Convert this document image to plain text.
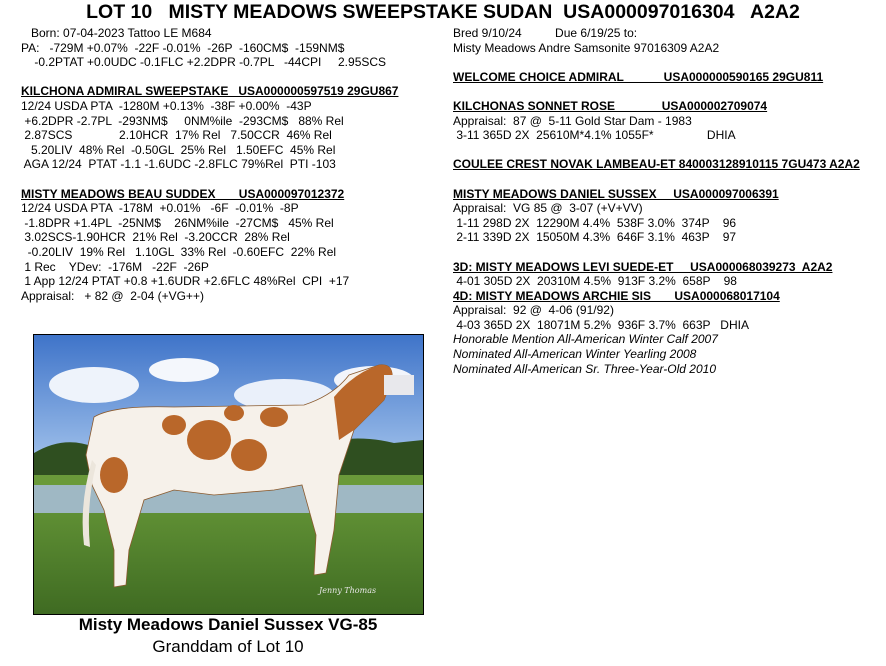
LOT 10   MISTY MEADOWS SWEEPSTAKE SUDAN  USA000097016304   A2A2
Born: 07-04-2023 Tattoo LE M684
PA:   -729M +0.07%  -22F -0.01%  -26P  -160CM$  -159NM$
-0.2PTAT +0.0UDC -0.1FLC +2.2DPR -0.7PL   -44CPI     2.95SCS
KILCHONA ADMIRAL SWEEPSTAKE   USA000000597519 29GU867
12/24 USDA PTA  -1280M +0.13%  -38F +0.00%  -43P
+6.2DPR -2.7PL  -293NM$     0NM%ile  -293CM$   88% Rel
2.87SCS              2.10HCR  17% Rel   7.50CCR  46% Rel
5.20LIV  48% Rel  -0.50GL  25% Rel   1.50EFC  45% Rel
AGA 12/24  PTAT -1.1 -1.6UDC -2.8FLC 79%Rel  PTI -103
MISTY MEADOWS BEAU SUDDEX       USA000097012372
12/24 USDA PTA  -178M  +0.01%   -6F  -0.01%  -8P
-1.8DPR +1.4PL  -25NM$    26NM%ile  -27CM$   45% Rel
3.02SCS-1.90HCR  21% Rel  -3.20CCR  28% Rel
-0.20LIV  19% Rel   1.10GL  33% Rel  -0.60EFC  22% Rel
1 Rec    YDev:  -176M   -22F  -26P
1 App 12/24 PTAT +0.8 +1.6UDR +2.6FLC 48%Rel  CPI  +17
Appraisal:   + 82 @  2-04 (+VG++)
Bred 9/10/24          Due 6/19/25 to:
Misty Meadows Andre Samsonite 97016309 A2A2
WELCOME CHOICE ADMIRAL            USA000000590165 29GU811
KILCHONAS SONNET ROSE              USA000002709074
Appraisal:  87 @  5-11 Gold Star Dam - 1983
3-11 365D 2X  25610M*4.1% 1055F*                DHIA
COULEE CREST NOVAK LAMBEAU-ET 840003128910115 7GU473 A2A2
MISTY MEADOWS DANIEL SUSSEX     USA000097006391
Appraisal:  VG 85 @  3-07 (+V+VV)
1-11 298D 2X  12290M 4.4%  538F 3.0%  374P    96
2-11 339D 2X  15050M 4.3%  646F 3.1%  463P    97
3D: MISTY MEADOWS LEVI SUEDE-ET     USA000068039273  A2A2
4-01 305D 2X  20310M 4.5%  913F 3.2%  658P    98
4D: MISTY MEADOWS ARCHIE SIS       USA000068017104
Appraisal:  92 @  4-06 (91/92)
4-03 365D 2X  18071M 5.2%  936F 3.7%  663P   DHIA
Honorable Mention All-American Winter Calf 2007
Nominated All-American Winter Yearling 2008
Nominated All-American Sr. Three-Year-Old 2010
Jenny Thomas
Misty Meadows Daniel Sussex VG-85
Granddam of Lot 10
